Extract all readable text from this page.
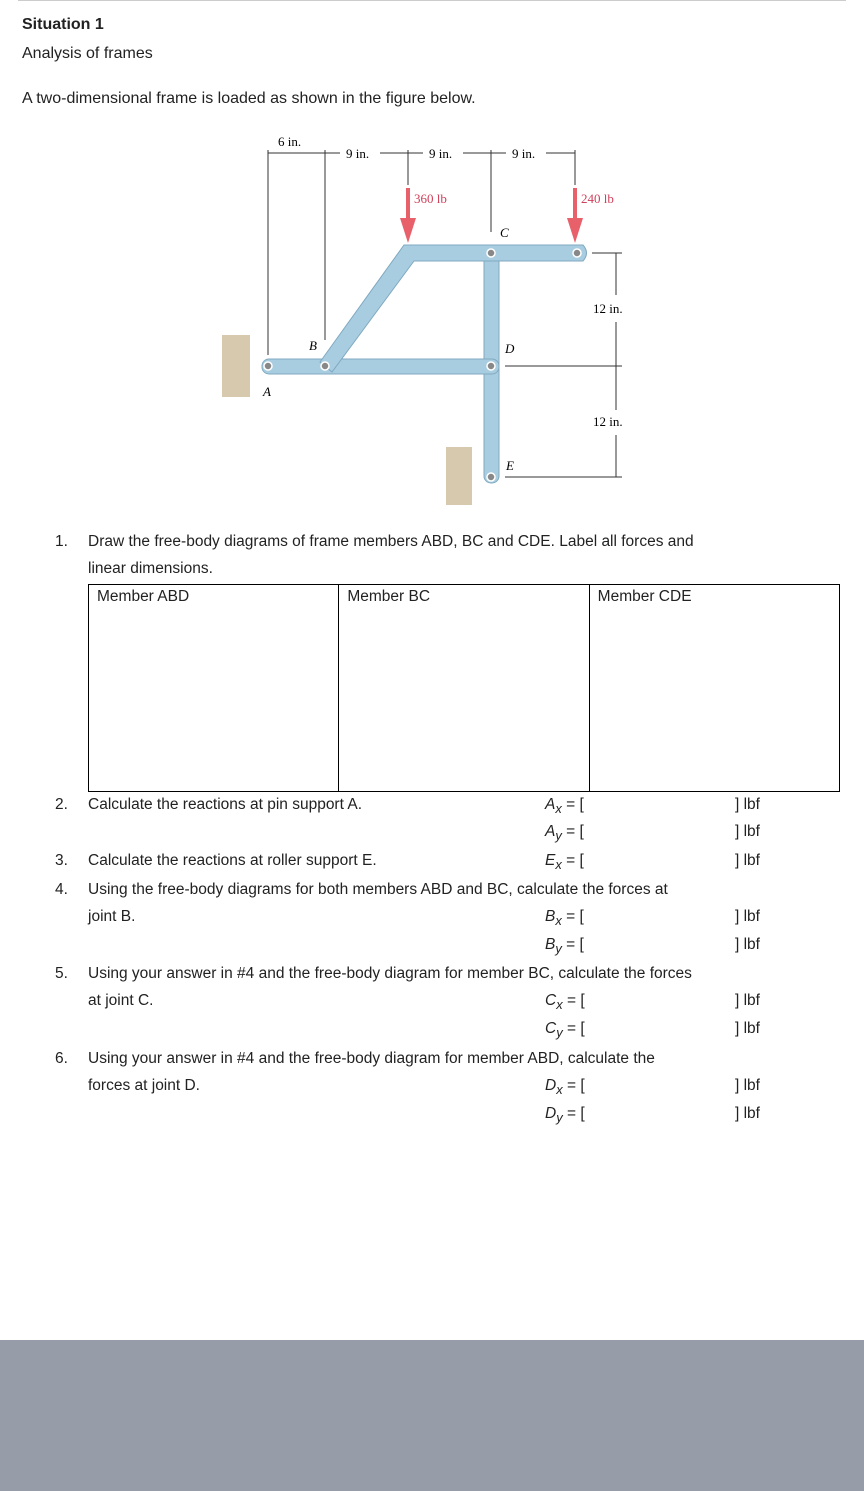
Situation 1
Analysis of frames
A two-dimensional frame is loaded as shown in the figure below.
6 in.
9 in.	9 in.	9 in.
12 in.
12 in.
360 lb	240 lb
A
B
C
D
E
1. Draw the free-body diagrams of frame members ABD, BC and CDE. Label all forces and
linear dimensions.
Member ABD	Member BC	Member CDE
2. Calculate the reactions at pin support A.
3. Calculate the reactions at roller support E.
4. Using the free-body diagrams for both members ABD and BC, calculate the forces at
joint B.
5. Using your answer in #4 and the free-body diagram for member BC, calculate the forces
at joint C.
6. Using your answer in #4 and the free-body diagram for member ABD, calculate the
forces at joint D.
$A_x$ = [	] lbf
$A_y$ = [	] lbf
$E_x$ = [	] lbf
$B_x$ = [	] lbf
$B_y$ = [	] lbf
$C_x$ = [	] lbf
$C_y$ = [	] lbf
$D_x$ = [	] lbf
$D_y$ = [	] lbf
